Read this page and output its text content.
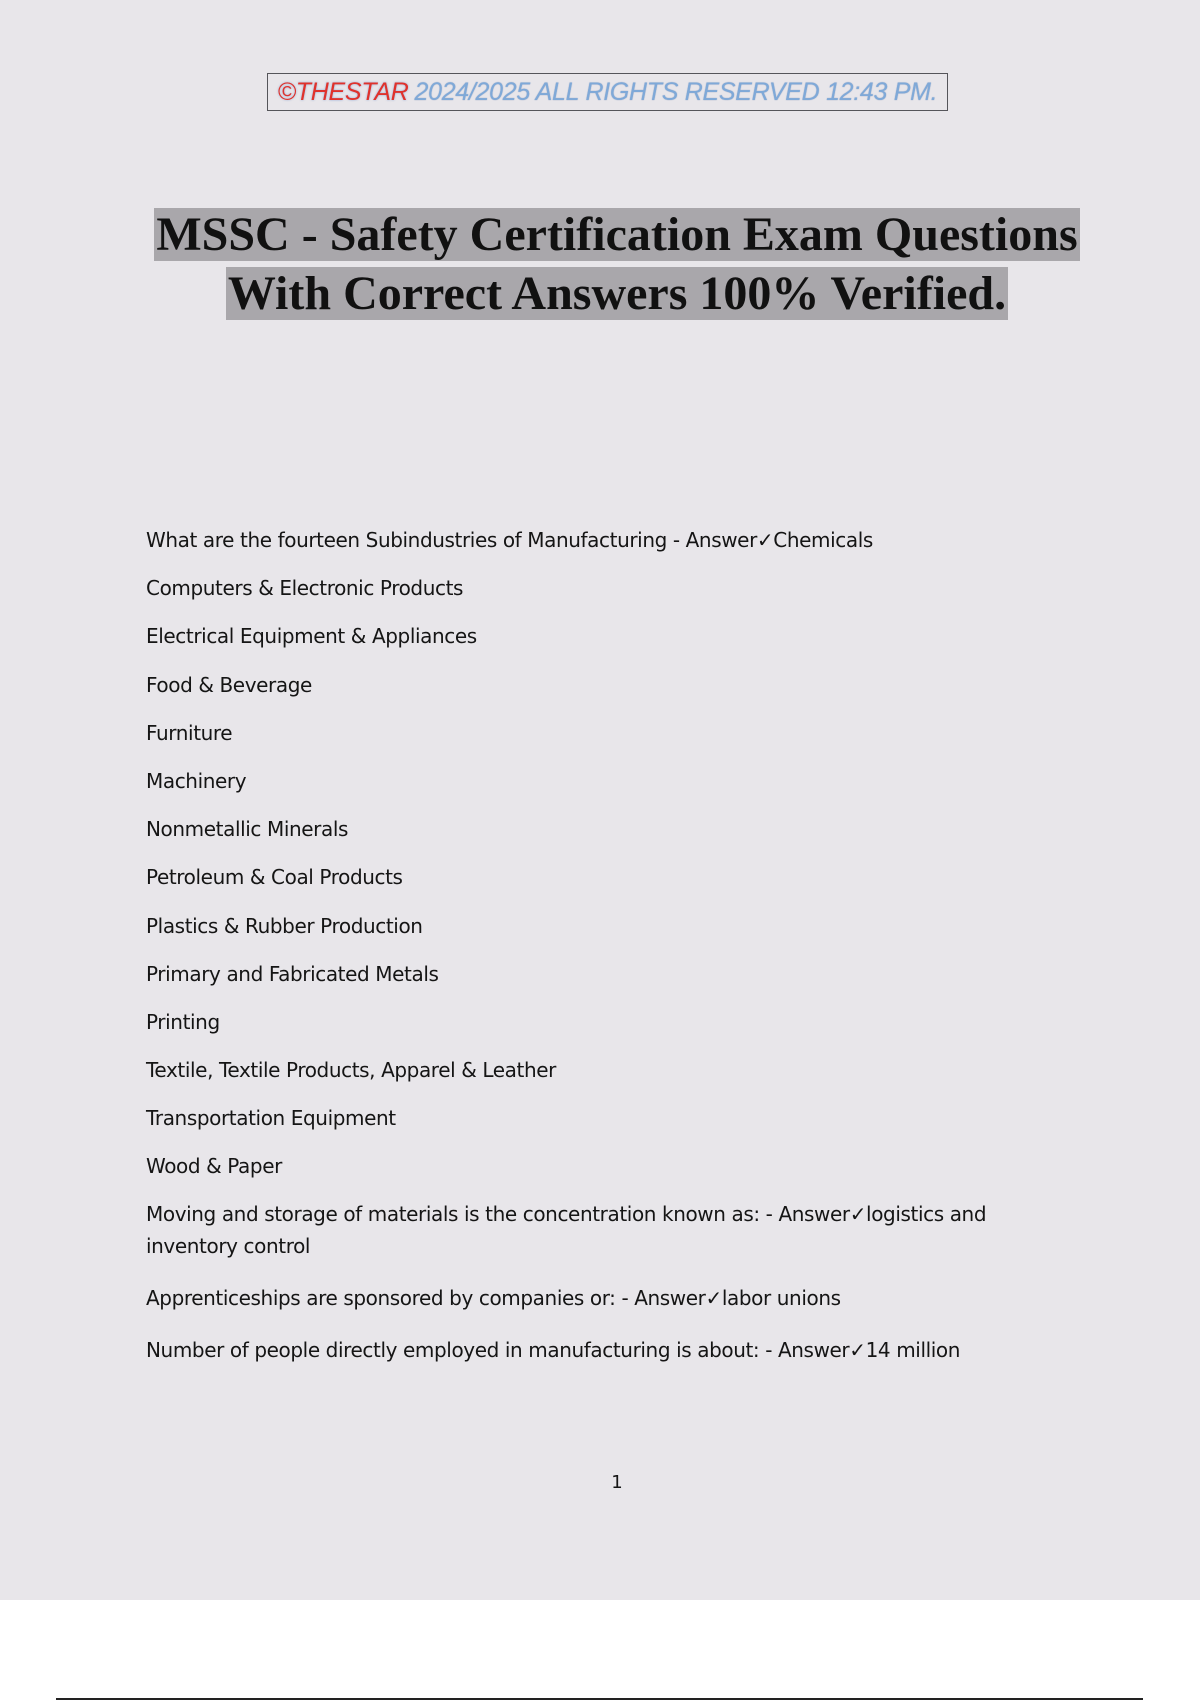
©THESTAR 2024/2025 ALL RIGHTS RESERVED 12:43 PM.
MSSC - Safety Certification Exam Questions
With Correct Answers 100% Verified.
What are the fourteen Subindustries of Manufacturing - Answer✓Chemicals
Computers & Electronic Products
Electrical Equipment & Appliances
Food & Beverage
Furniture
Machinery
Nonmetallic Minerals
Petroleum & Coal Products
Plastics & Rubber Production
Primary and Fabricated Metals
Printing
Textile, Textile Products, Apparel & Leather
Transportation Equipment
Wood & Paper
Moving and storage of materials is the concentration known as: - Answer✓logistics and inventory control
Apprenticeships are sponsored by companies or: - Answer✓labor unions
Number of people directly employed in manufacturing is about: - Answer✓14 million
1
